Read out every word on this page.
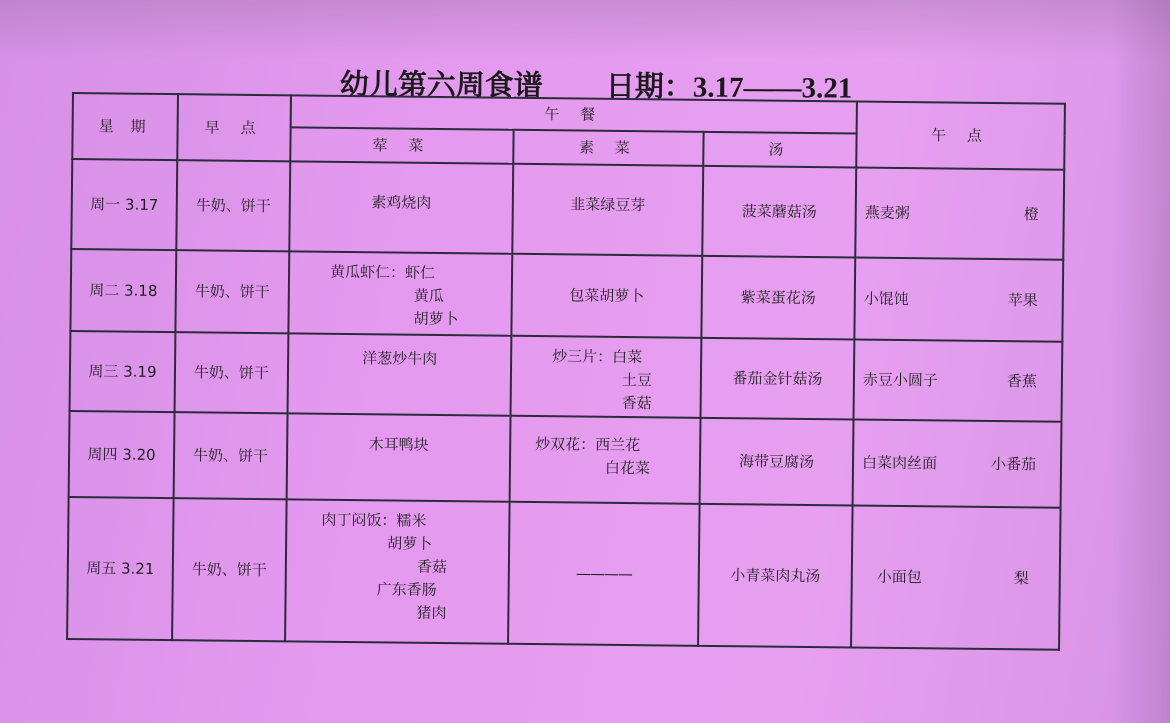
幼儿第六周食谱 日期：3.17——3.21
星 期	早 点	午 餐			午 点
		荤 菜	素 菜	汤	
周一 3.17	牛奶、饼干	素鸡烧肉	韭菜绿豆芽	菠菜蘑菇汤	燕麦粥 橙

周二 3.18	牛奶、饼干	黄瓜虾仁：虾仁
黄瓜
胡萝卜	包菜胡萝卜	紫菜蛋花汤	小馄饨 苹果

周三 3.19	牛奶、饼干	洋葱炒牛肉	炒三片：白菜
土豆
香菇	番茄金针菇汤	赤豆小圆子 香蕉

周四 3.20	牛奶、饼干	木耳鸭块	炒双花：西兰花
白花菜	海带豆腐汤	白菜肉丝面 小番茄

周五 3.21	牛奶、饼干	肉丁闷饭：糯米
胡萝卜
香菇
广东香肠
猪肉	————	小青菜肉丸汤	小面包 梨
